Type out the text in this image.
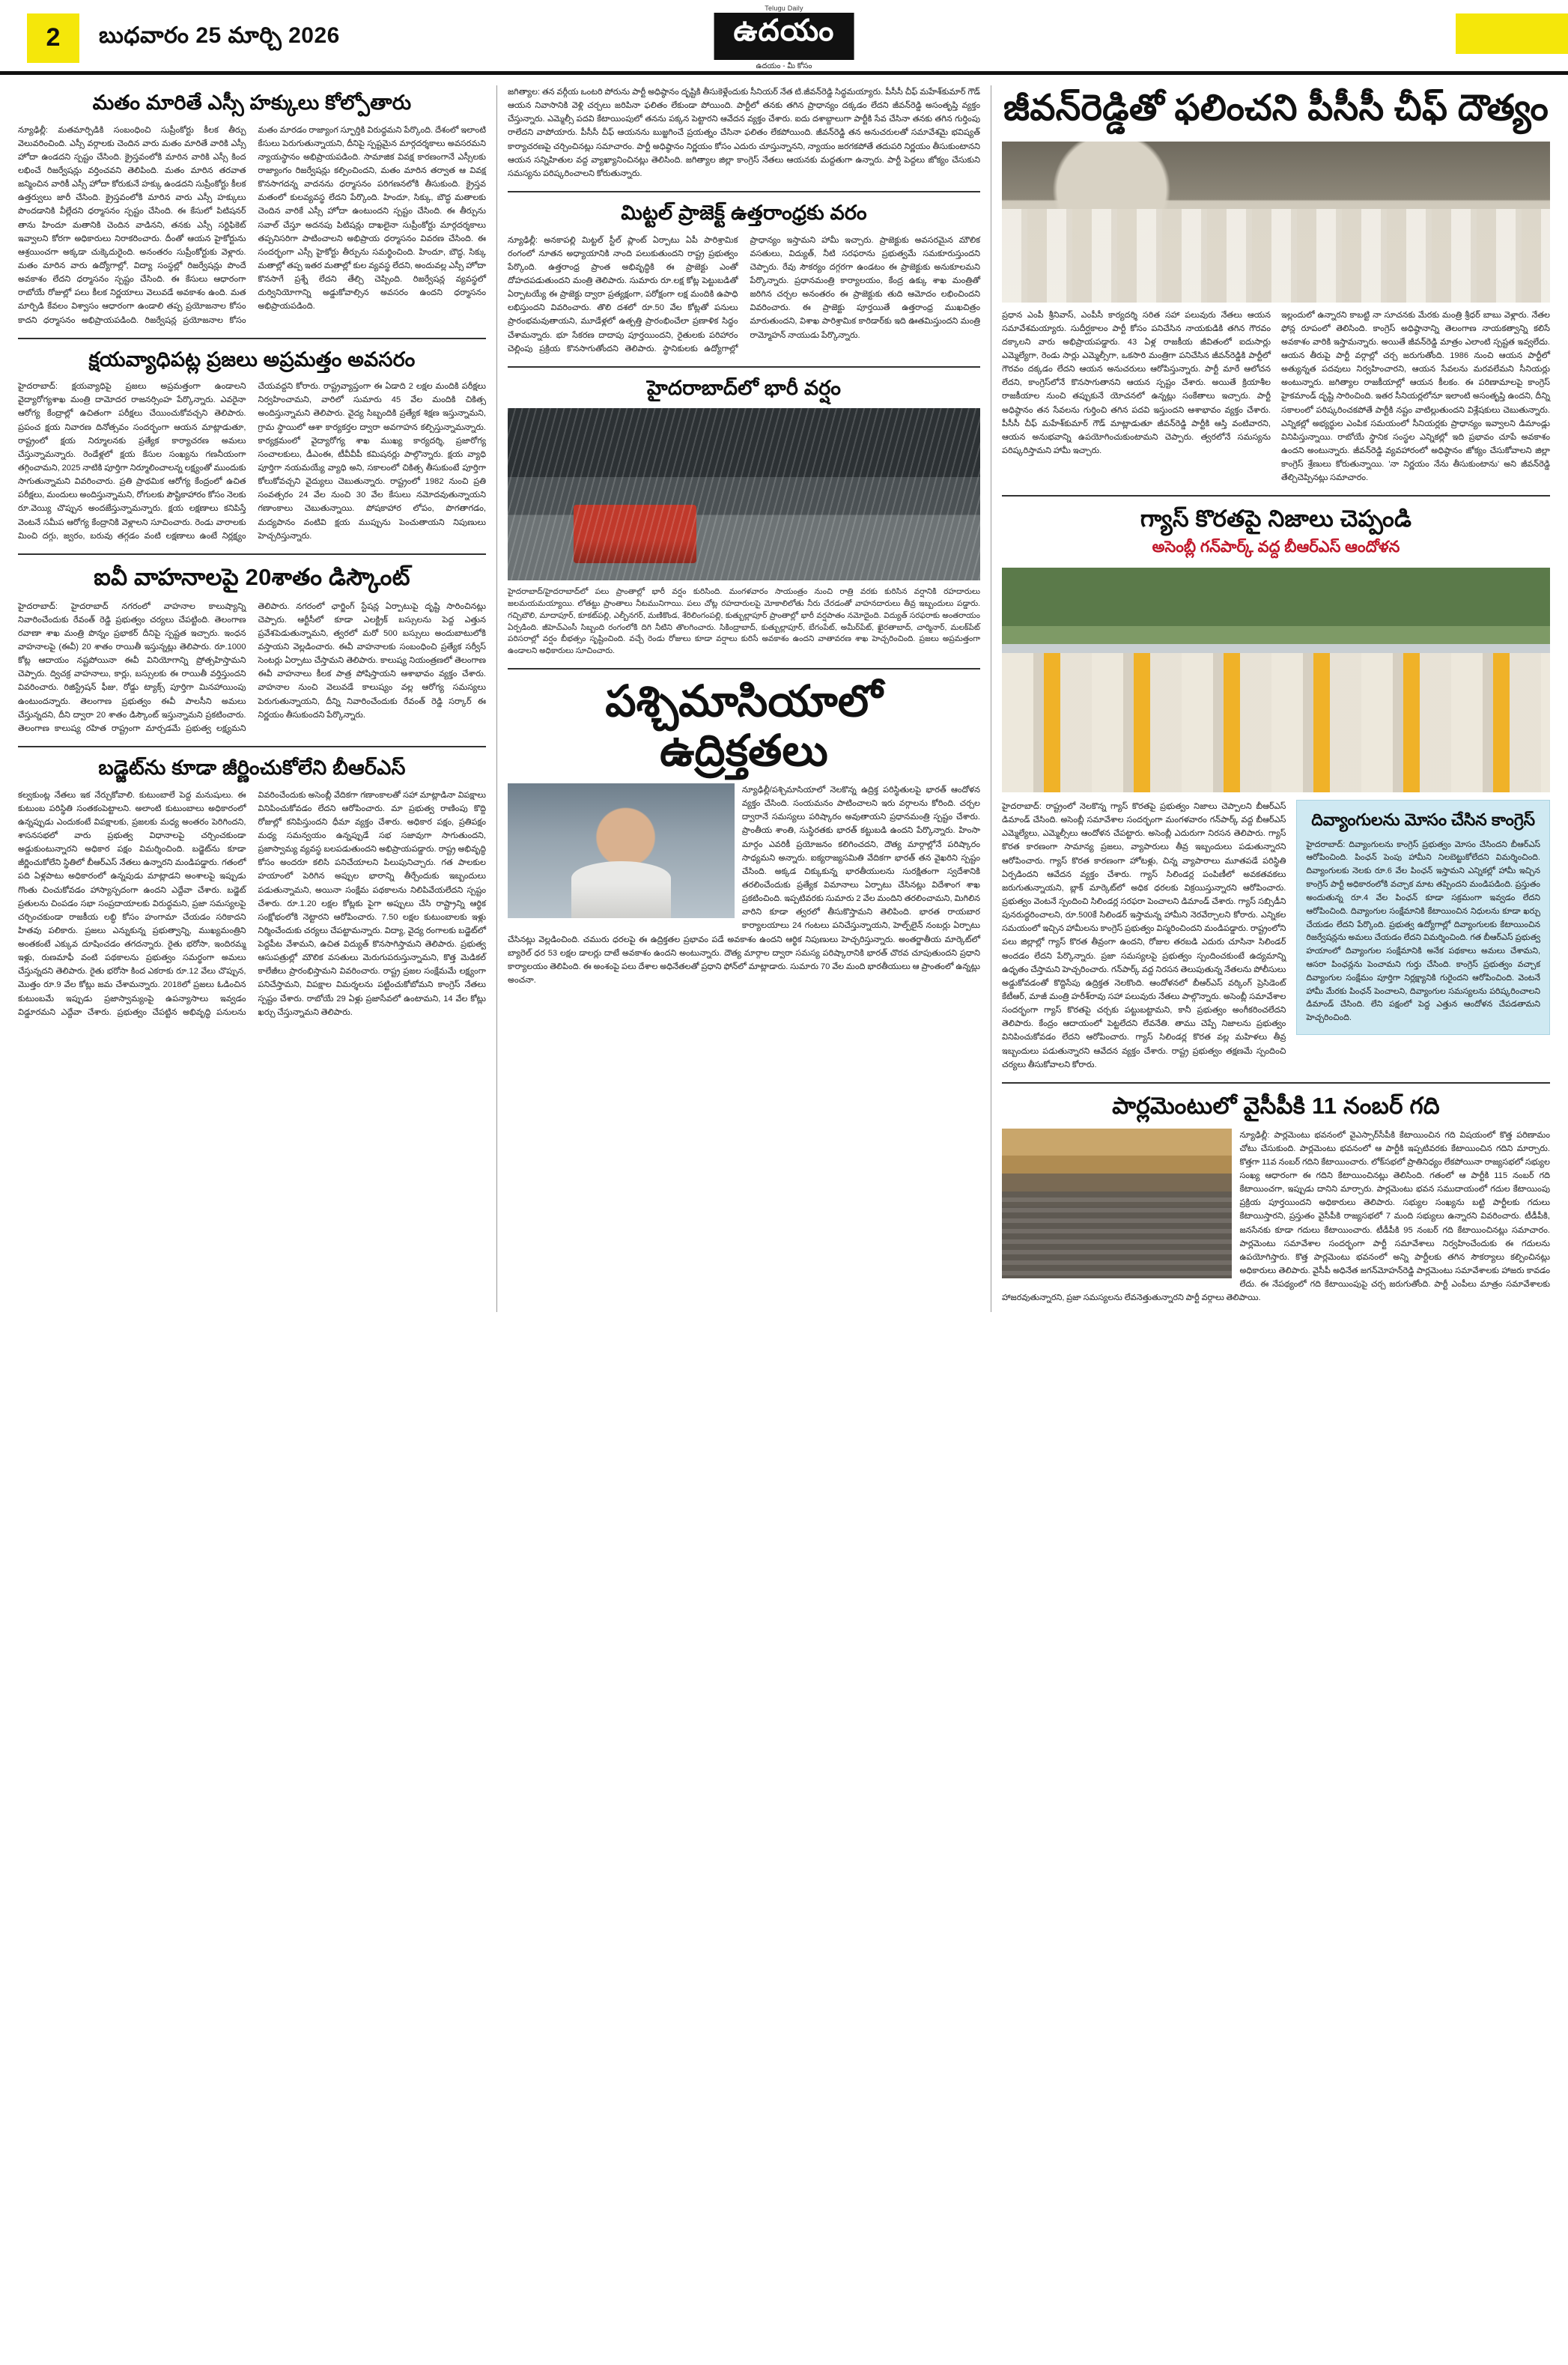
2 బుధవారం 25 మార్చి 2026
Telugu Daily
ఉదయం
ఉదయం - మీ కోసం
మతం మారితే ఎస్సీ హక్కులు కోల్పోతారు
న్యూఢిల్లీ: మతమార్పిడికి సంబంధించి సుప్రీంకోర్టు కీలక తీర్పు వెలువరించింది. ఎస్సీ వర్గాలకు చెందిన వారు మతం మారితే వారికి ఎస్సీ హోదా ఉండదని స్పష్టం చేసింది. క్రైస్తవంలోకి మారిన వారికి ఎస్సీ కింద లభించే రిజర్వేషన్లు వర్తించవని తెలిపింది. మతం మారిన తరవాత జన్మించిన వారికీ ఎస్సీ హోదా కోరుకునే హక్కు ఉండదని సుప్రీంకోర్టు కీలక ఉత్తర్వులు జారీ చేసింది. క్రైస్తవంలోకి మారిన వారు ఎస్సీ హక్కులు పొందడానికి వీల్లేదని ధర్మాసనం స్పష్టం చేసింది. ఈ కేసులో పిటిషనర్ తాను హిందూ మతానికి చెందిన వాడినని, తనకు ఎస్సీ సర్టిఫికెట్ ఇవ్వాలని కోరగా అధికారులు నిరాకరించారు. దీంతో ఆయన హైకోర్టును ఆశ్రయించగా అక్కడా చుక్కెదురైంది. అనంతరం సుప్రీంకోర్టుకు వెళ్లారు. మతం మారిన వారు ఉద్యోగాల్లో, విద్యా సంస్థల్లో రిజర్వేషన్లు పొందే అవకాశం లేదని ధర్మాసనం స్పష్టం చేసింది. ఈ కేసులు ఆధారంగా రాబోయే రోజుల్లో పలు కీలక నిర్ణయాలు వెలువడే అవకాశం ఉంది. మత మార్పిడి కేవలం విశ్వాసం ఆధారంగా ఉండాలి తప్ప ప్రయోజనాల కోసం కాదని ధర్మాసనం అభిప్రాయపడింది. రిజర్వేషన్ల ప్రయోజనాల కోసం మతం మారడం రాజ్యాంగ స్ఫూర్తికి విరుద్ధమని పేర్కొంది. దేశంలో ఇలాంటి కేసులు పెరుగుతున్నాయని, దీనిపై స్పష్టమైన మార్గదర్శకాలు అవసరమని న్యాయస్థానం అభిప్రాయపడింది. సామాజిక వివక్ష కారణంగానే ఎస్సీలకు రాజ్యాంగం రిజర్వేషన్లు కల్పించిందని, మతం మారిన తర్వాత ఆ వివక్ష కొనసాగదన్న వాదనను ధర్మాసనం పరిగణనలోకి తీసుకుంది. క్రైస్తవ మతంలో కులవ్యవస్థ లేదని పేర్కొంది. హిందూ, సిక్కు, బౌద్ధ మతాలకు చెందిన వారికే ఎస్సీ హోదా ఉంటుందని స్పష్టం చేసింది. ఈ తీర్పును సవాల్ చేస్తూ అదనపు పిటిషన్లు దాఖలైనా సుప్రీంకోర్టు మార్గదర్శకాలు తప్పనిసరిగా పాటించాలని అభిప్రాయ ధర్మాసనం వివరణ చేసింది. ఈ సందర్భంగా ఎస్సీ హైకోర్టు తీర్పును సమర్థించింది. హిందూ, బౌద్ధ, సిక్కు మతాల్లో తప్ప ఇతర మతాల్లో కుల వ్యవస్థ లేదని, అందువల్ల ఎస్సీ హోదా కొనసాగే ప్రశ్నే లేదని తేల్చి చెప్పింది. రిజర్వేషన్ల వ్యవస్థలో దుర్వినియోగాన్ని అడ్డుకోవాల్సిన అవసరం ఉందని ధర్మాసనం అభిప్రాయపడింది.
క్షయవ్యాధిపట్ల ప్రజలు అప్రమత్తం అవసరం
హైదరాబాద్: క్షయవ్యాధిపై ప్రజలు అప్రమత్తంగా ఉండాలని వైద్యారోగ్యశాఖ మంత్రి దామోదర రాజనర్సింహ పేర్కొన్నారు. ఎవరైనా ఆరోగ్య కేంద్రాల్లో ఉచితంగా పరీక్షలు చేయించుకోవచ్చని తెలిపారు. ప్రపంచ క్షయ నివారణ దినోత్సవం సందర్భంగా ఆయన మాట్లాడుతూ, రాష్ట్రంలో క్షయ నిర్మూలనకు ప్రత్యేక కార్యాచరణ అమలు చేస్తున్నామన్నారు. రెండేళ్లలో క్షయ కేసుల సంఖ్యను గణనీయంగా తగ్గించామని, 2025 నాటికి పూర్తిగా నిర్మూలించాలన్న లక్ష్యంతో ముందుకు సాగుతున్నామని వివరించారు. ప్రతి ప్రాథమిక ఆరోగ్య కేంద్రంలో ఉచిత పరీక్షలు, మందులు అందిస్తున్నామని, రోగులకు పౌష్టికాహారం కోసం నెలకు రూ.వెయ్యి చొప్పున అందజేస్తున్నామన్నారు. క్షయ లక్షణాలు కనిపిస్తే వెంటనే సమీప ఆరోగ్య కేంద్రానికి వెళ్లాలని సూచించారు. రెండు వారాలకు మించి దగ్గు, జ్వరం, బరువు తగ్గడం వంటి లక్షణాలు ఉంటే నిర్లక్ష్యం చేయవద్దని కోరారు. రాష్ట్రవ్యాప్తంగా ఈ ఏడాది 2 లక్షల మందికి పరీక్షలు నిర్వహించామని, వారిలో సుమారు 45 వేల మందికి చికిత్స అందిస్తున్నామని తెలిపారు. వైద్య సిబ్బందికి ప్రత్యేక శిక్షణ ఇస్తున్నామని, గ్రామ స్థాయిలో ఆశా కార్యకర్తల ద్వారా అవగాహన కల్పిస్తున్నామన్నారు. కార్యక్రమంలో వైద్యారోగ్య శాఖ ముఖ్య కార్యదర్శి, ప్రజారోగ్య సంచాలకులు, డీఎంఈ, టీవీవీపీ కమిషనర్లు పాల్గొన్నారు. క్షయ వ్యాధి పూర్తిగా నయమయ్యే వ్యాధి అని, సకాలంలో చికిత్స తీసుకుంటే పూర్తిగా కోలుకోవచ్చని వైద్యులు చెబుతున్నారు. రాష్ట్రంలో 1982 నుంచి ప్రతి సంవత్సరం 24 వేల నుంచి 30 వేల కేసులు నమోదవుతున్నాయని గణాంకాలు చెబుతున్నాయి. పోషకాహార లోపం, పొగతాగడం, మద్యపానం వంటివి క్షయ ముప్పును పెంచుతాయని నిపుణులు హెచ్చరిస్తున్నారు.
ఐవీ వాహనాలపై 20శాతం డిస్కౌంట్
హైదరాబాద్: హైదరాబాద్ నగరంలో వాహనాల కాలుష్యాన్ని నివారించేందుకు రేవంత్ రెడ్డి ప్రభుత్వం చర్యలు చేపట్టింది. తెలంగాణ రవాణా శాఖ మంత్రి పొన్నం ప్రభాకర్ దీనిపై స్పష్టత ఇచ్చారు. ఇంధన వాహనాలపై (ఈవీ) 20 శాతం రాయితీ ఇస్తున్నట్లు తెలిపారు. రూ.1000 కోట్ల ఆదాయం నష్టపోయినా ఈవీ వినియోగాన్ని ప్రోత్సహిస్తామని చెప్పారు. ద్విచక్ర వాహనాలు, కార్లు, బస్సులకు ఈ రాయితీ వర్తిస్తుందని వివరించారు. రిజిస్ట్రేషన్ ఫీజు, రోడ్డు ట్యాక్స్ పూర్తిగా మినహాయింపు ఉంటుందన్నారు. తెలంగాణ ప్రభుత్వం ఈవీ పాలసీని అమలు చేస్తున్నదని, దీని ద్వారా 20 శాతం డిస్కౌంట్ ఇస్తున్నామని ప్రకటించారు. తెలంగాణ కాలుష్య రహిత రాష్ట్రంగా మార్చడమే ప్రభుత్వ లక్ష్యమని తెలిపారు. నగరంలో ఛార్జింగ్ స్టేషన్ల ఏర్పాటుపై దృష్టి సారించినట్లు చెప్పారు. ఆర్టీసీలో కూడా ఎలక్ట్రిక్ బస్సులను పెద్ద ఎత్తున ప్రవేశపెడుతున్నామని, త్వరలో మరో 500 బస్సులు అందుబాటులోకి వస్తాయని వెల్లడించారు. ఈవీ వాహనాలకు సంబంధించి ప్రత్యేక సర్వీస్ సెంటర్లు ఏర్పాటు చేస్తామని తెలిపారు. కాలుష్య నియంత్రణలో తెలంగాణ ఈవీ వాహనాలు కీలక పాత్ర పోషిస్తాయని ఆశాభావం వ్యక్తం చేశారు. వాహనాల నుంచి వెలువడే కాలుష్యం వల్ల ఆరోగ్య సమస్యలు పెరుగుతున్నాయని, దీన్ని నివారించేందుకు రేవంత్ రెడ్డి సర్కార్ ఈ నిర్ణయం తీసుకుందని పేర్కొన్నారు.
బడ్జెట్‌ను కూడా జీర్ణించుకోలేని బీఆర్ఎస్
కల్వకుంట్ల నేతలు ఇక నేర్చుకోవాలి. కుటుంబాలే పెద్ద మనుషులు. ఈ కుటుంబ పరిస్థితి సంతకంపెట్టాలని. అలాంటి కుటుంబాలు అధికారంలో ఉన్నప్పుడు ఎందుకంటే విపక్షాలకు, ప్రజలకు మధ్య అంతరం పెరిగిందని, శాసనసభలో వారు ప్రభుత్వ విధానాలపై చర్చించకుండా అడ్డుకుంటున్నారని అధికార పక్షం విమర్శించింది. బడ్జెట్‌ను కూడా జీర్ణించుకోలేని స్థితిలో బీఆర్ఎస్ నేతలు ఉన్నారని మండిపడ్డారు. గతంలో పది ఏళ్లపాటు అధికారంలో ఉన్నపుడు మాట్లాడని అంశాలపై ఇప్పుడు గొంతు చించుకోవడం హాస్యాస్పదంగా ఉందని ఎద్దేవా చేశారు. బడ్జెట్ ప్రతులను చింపడం సభా సంప్రదాయాలకు విరుద్ధమని, ప్రజా సమస్యలపై చర్చించకుండా రాజకీయ లబ్ధి కోసం హంగామా చేయడం సరికాదని హితవు పలికారు. ప్రజలు ఎన్నుకున్న ప్రభుత్వాన్ని, ముఖ్యమంత్రిని అంతకంటే ఎక్కువ దూషించడం తగదన్నారు. రైతు భరోసా, ఇందిరమ్మ ఇళ్లు, రుణమాఫీ వంటి పథకాలను ప్రభుత్వం సమర్థంగా అమలు చేస్తున్నదని తెలిపారు. రైతు భరోసా కింద ఎకరాకు రూ.12 వేలు చొప్పున, మొత్తం రూ.9 వేల కోట్లు జమ చేశామన్నారు. 2018లో ప్రజలు ఓడించిన కుటుంబమే ఇప్పుడు ప్రజాస్వామ్యంపై ఉపన్యాసాలు ఇవ్వడం విడ్డూరమని ఎద్దేవా చేశారు. ప్రభుత్వం చేపట్టిన అభివృద్ధి పనులను వివరించేందుకు అసెంబ్లీ వేదికగా గణాంకాలతో సహా మాట్లాడినా విపక్షాలు వినిపించుకోవడం లేదని ఆరోపించారు. మా ప్రభుత్వ రాణింపు కొద్ది రోజుల్లో కనిపిస్తుందని ధీమా వ్యక్తం చేశారు. అధికార పక్షం, ప్రతిపక్షం మధ్య సమన్వయం ఉన్నప్పుడే సభ సజావుగా సాగుతుందని, ప్రజాస్వామ్య వ్యవస్థ బలపడుతుందని అభిప్రాయపడ్డారు. రాష్ట్ర అభివృద్ధి కోసం అందరూ కలిసి పనిచేయాలని పిలుపునిచ్చారు. గత పాలకుల హయాంలో పెరిగిన అప్పుల భారాన్ని తీర్చేందుకు ఇబ్బందులు పడుతున్నామని, అయినా సంక్షేమ పథకాలను నిలిపివేయలేదని స్పష్టం చేశారు. రూ.1.20 లక్షల కోట్లకు పైగా అప్పులు చేసి రాష్ట్రాన్ని ఆర్థిక సంక్షోభంలోకి నెట్టారని ఆరోపించారు. 7.50 లక్షల కుటుంబాలకు ఇళ్లు నిర్మించేందుకు చర్యలు చేపట్టామన్నారు. విద్యా, వైద్య రంగాలకు బడ్జెట్‌లో పెద్దపీట వేశామని, ఉచిత విద్యుత్ కొనసాగిస్తామని తెలిపారు. ప్రభుత్వ ఆసుపత్రుల్లో మౌలిక వసతులు మెరుగుపరుస్తున్నామని, కొత్త మెడికల్ కాలేజీలు ప్రారంభిస్తామని వివరించారు. రాష్ట్ర ప్రజల సంక్షేమమే లక్ష్యంగా పనిచేస్తామని, విపక్షాల విమర్శలను పట్టించుకోబోమని కాంగ్రెస్ నేతలు స్పష్టం చేశారు. రాబోయే 29 ఏళ్లు ప్రజాసేవలో ఉంటామని, 14 వేల కోట్లు ఖర్చు చేస్తున్నామని తెలిపారు.
జగిత్యాల: తన వర్గీయ ఒంటరి పోరును పార్టీ అధిష్ఠానం దృష్టికి తీసుకెళ్లేందుకు సీనియర్ నేత టి.జీవన్‌రెడ్డి సిద్ధమయ్యారు. పీసీసీ చీఫ్ మహేశ్‌కుమార్ గౌడ్ ఆయన నివాసానికి వెళ్లి చర్చలు జరిపినా ఫలితం లేకుండా పోయింది. పార్టీలో తనకు తగిన ప్రాధాన్యం దక్కడం లేదని జీవన్‌రెడ్డి అసంతృప్తి వ్యక్తం చేస్తున్నారు. ఎమ్మెల్సీ పదవి కేటాయింపులో తనను పక్కన పెట్టారని ఆవేదన వ్యక్తం చేశారు. ఐదు దశాబ్దాలుగా పార్టీకి సేవ చేసినా తనకు తగిన గుర్తింపు రాలేదని వాపోయారు. పీసీసీ చీఫ్ ఆయనను బుజ్జగించే ప్రయత్నం చేసినా ఫలితం లేకపోయింది. జీవన్‌రెడ్డి తన అనుచరులతో సమావేశమై భవిష్యత్ కార్యాచరణపై చర్చించినట్లు సమాచారం. పార్టీ అధిష్ఠానం నిర్ణయం కోసం ఎదురు చూస్తున్నానని, న్యాయం జరగకపోతే తదుపరి నిర్ణయం తీసుకుంటానని ఆయన సన్నిహితుల వద్ద వ్యాఖ్యానించినట్లు తెలిసింది. జగిత్యాల జిల్లా కాంగ్రెస్ నేతలు ఆయనకు మద్దతుగా ఉన్నారు. పార్టీ పెద్దలు జోక్యం చేసుకుని సమస్యను పరిష్కరించాలని కోరుతున్నారు.
మిట్టల్ ప్రాజెక్ట్ ఉత్తరాంధ్రకు వరం
న్యూఢిల్లీ: అనకాపల్లి మిట్టల్ స్టీల్ ప్లాంట్ ఏర్పాటు ఏపీ పారిశ్రామిక రంగంలో నూతన అధ్యాయానికి నాంది పలుకుతుందని రాష్ట్ర ప్రభుత్వం పేర్కొంది. ఉత్తరాంధ్ర ప్రాంత అభివృద్ధికి ఈ ప్రాజెక్టు ఎంతో దోహదపడుతుందని మంత్రి తెలిపారు. సుమారు రూ.లక్ష కోట్ల పెట్టుబడితో ఏర్పాటయ్యే ఈ ప్రాజెక్టు ద్వారా ప్రత్యక్షంగా, పరోక్షంగా లక్ష మందికి ఉపాధి లభిస్తుందని వివరించారు. తొలి దశలో రూ.50 వేల కోట్లతో పనులు ప్రారంభమవుతాయని, మూడేళ్లలో ఉత్పత్తి ప్రారంభించేలా ప్రణాళిక సిద్ధం చేశామన్నారు. భూ సేకరణ దాదాపు పూర్తయిందని, రైతులకు పరిహారం చెల్లింపు ప్రక్రియ కొనసాగుతోందని తెలిపారు. స్థానికులకు ఉద్యోగాల్లో ప్రాధాన్యం ఇస్తామని హామీ ఇచ్చారు. ప్రాజెక్టుకు అవసరమైన మౌలిక వసతులు, విద్యుత్, నీటి సరఫరాను ప్రభుత్వమే సమకూరుస్తుందని చెప్పారు. రేవు సౌకర్యం దగ్గరగా ఉండటం ఈ ప్రాజెక్టుకు అనుకూలమని పేర్కొన్నారు. ప్రధానమంత్రి కార్యాలయం, కేంద్ర ఉక్కు శాఖ మంత్రితో జరిగిన చర్చల అనంతరం ఈ ప్రాజెక్టుకు తుది ఆమోదం లభించిందని వివరించారు. ఈ ప్రాజెక్టు పూర్తయితే ఉత్తరాంధ్ర ముఖచిత్రం మారుతుందని, విశాఖ పారిశ్రామిక కారిడార్‌కు ఇది ఊతమిస్తుందని మంత్రి రామ్మోహన్ నాయుడు పేర్కొన్నారు.
హైదరాబాద్‌లో భారీ వర్షం
హైదరాబాద్/హైదరాబాద్‌లో పలు ప్రాంతాల్లో భారీ వర్షం కురిసింది. మంగళవారం సాయంత్రం నుంచి రాత్రి వరకు కురిసిన వర్షానికి రహదారులు జలమయమయ్యాయి. లోతట్టు ప్రాంతాలు నీటమునిగాయి. పలు చోట్ల రహదారులపై మోకాలిలోతు నీరు చేరడంతో వాహనదారులు తీవ్ర ఇబ్బందులు పడ్డారు. గచ్చిబౌలి, మాదాపూర్, కూకట్‌పల్లి, ఎల్బీనగర్, మణికొండ, శేరిలింగంపల్లి, కుత్బుల్లాపూర్ ప్రాంతాల్లో భారీ వర్షపాతం నమోదైంది. విద్యుత్ సరఫరాకు అంతరాయం ఏర్పడింది. జీహెచ్ఎంసీ సిబ్బంది రంగంలోకి దిగి నీటిని తొలగించారు. సికింద్రాబాద్, కుత్బుల్లాపూర్, బేగంపేట్, అమీర్‌పేట్, ఖైరతాబాద్, చార్మినార్, మలక్‌పేట్ పరిసరాల్లో వర్షం బీభత్సం సృష్టించింది. వచ్చే రెండు రోజులు కూడా వర్షాలు కురిసే అవకాశం ఉందని వాతావరణ శాఖ హెచ్చరించింది. ప్రజలు అప్రమత్తంగా ఉండాలని అధికారులు సూచించారు.
పశ్చిమాసియాలో
ఉద్రిక్తతలు
న్యూఢిల్లీ/పశ్చిమాసియాలో నెలకొన్న ఉద్రిక్త పరిస్థితులపై భారత్ ఆందోళన వ్యక్తం చేసింది. సంయమనం పాటించాలని ఇరు వర్గాలను కోరింది. చర్చల ద్వారానే సమస్యలు పరిష్కారం అవుతాయని ప్రధానమంత్రి స్పష్టం చేశారు. ప్రాంతీయ శాంతి, సుస్థిరతకు భారత్ కట్టుబడి ఉందని పేర్కొన్నారు. హింసా మార్గం ఎవరికీ ప్రయోజనం కలిగించదని, దౌత్య మార్గాల్లోనే పరిష్కారం సాధ్యమని అన్నారు. ఐక్యరాజ్యసమితి వేదికగా భారత్ తన వైఖరిని స్పష్టం చేసింది. అక్కడ చిక్కుకున్న భారతీయులను సురక్షితంగా స్వదేశానికి తరలించేందుకు ప్రత్యేక విమానాలు ఏర్పాటు చేసినట్లు విదేశాంగ శాఖ ప్రకటించింది. ఇప్పటివరకు సుమారు 2 వేల మందిని తరలించామని, మిగిలిన వారిని కూడా త్వరలో తీసుకొస్తామని తెలిపింది. భారత రాయబార కార్యాలయాలు 24 గంటలు పనిచేస్తున్నాయని, హెల్ప్‌లైన్ నంబర్లు ఏర్పాటు చేసినట్లు వెల్లడించింది. చమురు ధరలపై ఈ ఉద్రిక్తతల ప్రభావం పడే అవకాశం ఉందని ఆర్థిక నిపుణులు హెచ్చరిస్తున్నారు. అంతర్జాతీయ మార్కెట్‌లో బ్యారెల్ ధర 53 లక్షల డాలర్లు దాటే అవకాశం ఉందని అంటున్నారు. దౌత్య మార్గాల ద్వారా సమస్య పరిష్కారానికి భారత్ చొరవ చూపుతుందని ప్రధాని కార్యాలయం తెలిపింది. ఈ అంశంపై పలు దేశాల అధినేతలతో ప్రధాని ఫోన్‌లో మాట్లాడారు. సుమారు 70 వేల మంది భారతీయులు ఆ ప్రాంతంలో ఉన్నట్లు అంచనా.
జీవన్‌రెడ్డితో ఫలించని పీసీసీ చీఫ్ దౌత్యం
ప్రధాన ఎంపీ శ్రీనివాస్, ఎంపీసీ కార్యదర్శి సరిత సహా పలువురు నేతలు ఆయన సమావేశమయ్యారు. సుదీర్ఘకాలం పార్టీ కోసం పనిచేసిన నాయకుడికి తగిన గౌరవం దక్కాలని వారు అభిప్రాయపడ్డారు. 43 ఏళ్ల రాజకీయ జీవితంలో ఐదుసార్లు ఎమ్మెల్యేగా, రెండు సార్లు ఎమ్మెల్సీగా, ఒకసారి మంత్రిగా పనిచేసిన జీవన్‌రెడ్డికి పార్టీలో గౌరవం దక్కడం లేదని ఆయన అనుచరులు ఆరోపిస్తున్నారు. పార్టీ మారే ఆలోచన లేదని, కాంగ్రెస్‌లోనే కొనసాగుతానని ఆయన స్పష్టం చేశారు. అయితే క్రియాశీల రాజకీయాల నుంచి తప్పుకునే యోచనలో ఉన్నట్లు సంకేతాలు ఇచ్చారు. పార్టీ అధిష్ఠానం తన సేవలను గుర్తించి తగిన పదవి ఇస్తుందని ఆశాభావం వ్యక్తం చేశారు. పీసీసీ చీఫ్ మహేశ్‌కుమార్ గౌడ్ మాట్లాడుతూ జీవన్‌రెడ్డి పార్టీకి ఆస్తి వంటివారని, ఆయన అనుభవాన్ని ఉపయోగించుకుంటామని చెప్పారు. త్వరలోనే సమస్యను పరిష్కరిస్తామని హామీ ఇచ్చారు.
ఇల్లందులో ఉన్నారని కాబట్టి నా సూచనకు మేరకు మంత్రి శ్రీధర్ బాబు వెళ్లారు. నేతల ఫోన్ల రూపంలో తెలిసింది. కాంగ్రెస్ అధిష్ఠానాన్ని తెలంగాణ నాయకత్వాన్ని కలిసే అవకాశం వారికి ఇస్తామన్నారు. అయితే జీవన్‌రెడ్డి మాత్రం ఎలాంటి స్పష్టత ఇవ్వలేదు. ఆయన తీరుపై పార్టీ వర్గాల్లో చర్చ జరుగుతోంది. 1986 నుంచి ఆయన పార్టీలో అత్యున్నత పదవులు నిర్వహించారని, ఆయన సేవలను మరవలేమని సీనియర్లు అంటున్నారు. జగిత్యాల రాజకీయాల్లో ఆయన కీలకం. ఈ పరిణామాలపై కాంగ్రెస్ హైకమాండ్ దృష్టి సారించింది. ఇతర సీనియర్లలోనూ ఇలాంటి అసంతృప్తి ఉందని, దీన్ని సకాలంలో పరిష్కరించకపోతే పార్టీకి నష్టం వాటిల్లుతుందని విశ్లేషకులు చెబుతున్నారు. ఎన్నికల్లో అభ్యర్థుల ఎంపిక సమయంలో సీనియర్లకు ప్రాధాన్యం ఇవ్వాలని డిమాండ్లు వినిపిస్తున్నాయి. రాబోయే స్థానిక సంస్థల ఎన్నికల్లో ఇది ప్రభావం చూపే అవకాశం ఉందని అంటున్నారు. జీవన్‌రెడ్డి వ్యవహారంలో అధిష్ఠానం జోక్యం చేసుకోవాలని జిల్లా కాంగ్రెస్ శ్రేణులు కోరుతున్నాయి. 'నా నిర్ణయం నేను తీసుకుంటాను' అని జీవన్‌రెడ్డి తేల్చిచెప్పినట్లు సమాచారం.
గ్యాస్ కొరతపై నిజాలు చెప్పండి
అసెంబ్లీ గన్‌పార్క్ వద్ద బీఆర్ఎస్ ఆందోళన
హైదరాబాద్: రాష్ట్రంలో నెలకొన్న గ్యాస్ కొరతపై ప్రభుత్వం నిజాలు చెప్పాలని బీఆర్ఎస్ డిమాండ్ చేసింది. అసెంబ్లీ సమావేశాల సందర్భంగా మంగళవారం గన్‌పార్క్ వద్ద బీఆర్ఎస్ ఎమ్మెల్యేలు, ఎమ్మెల్సీలు ఆందోళన చేపట్టారు. అసెంబ్లీ ఎదురుగా నిరసన తెలిపారు. గ్యాస్ కొరత కారణంగా సామాన్య ప్రజలు, వ్యాపారులు తీవ్ర ఇబ్బందులు పడుతున్నారని ఆరోపించారు. గ్యాస్ కొరత కారణంగా హోటళ్లు, చిన్న వ్యాపారాలు మూతపడే పరిస్థితి ఏర్పడిందని ఆవేదన వ్యక్తం చేశారు. గ్యాస్ సిలిండర్ల పంపిణీలో అవకతవకలు జరుగుతున్నాయని, బ్లాక్ మార్కెట్‌లో అధిక ధరలకు విక్రయిస్తున్నారని ఆరోపించారు. ప్రభుత్వం వెంటనే స్పందించి సిలిండర్ల సరఫరా పెంచాలని డిమాండ్ చేశారు. గ్యాస్ సబ్సిడీని పునరుద్ధరించాలని, రూ.500కే సిలిండర్ ఇస్తామన్న హామీని నెరవేర్చాలని కోరారు. ఎన్నికల సమయంలో ఇచ్చిన హామీలను కాంగ్రెస్ ప్రభుత్వం విస్మరించిందని మండిపడ్డారు. రాష్ట్రంలోని పలు జిల్లాల్లో గ్యాస్ కొరత తీవ్రంగా ఉందని, రోజుల తరబడి ఎదురు చూసినా సిలిండర్ అందడం లేదని పేర్కొన్నారు. ప్రజా సమస్యలపై ప్రభుత్వం స్పందించకుంటే ఉద్యమాన్ని ఉధృతం చేస్తామని హెచ్చరించారు. గన్‌పార్క్ వద్ద నిరసన తెలుపుతున్న నేతలను పోలీసులు అడ్డుకోవడంతో కొద్దిసేపు ఉద్రిక్తత నెలకొంది. ఆందోళనలో బీఆర్ఎస్ వర్కింగ్ ప్రెసిడెంట్ కేటీఆర్, మాజీ మంత్రి హరీశ్‌రావు సహా పలువురు నేతలు పాల్గొన్నారు. అసెంబ్లీ సమావేశాల సందర్భంగా గ్యాస్ కొరతపై చర్చకు పట్టుబట్టామని, కానీ ప్రభుత్వం అంగీకరించలేదని తెలిపారు. కేంద్రం ఆదాయంలో పెట్టలేదని లేవనేతి. తాము చెప్పే నిజాలను ప్రభుత్వం వినిపించుకోవడం లేదని ఆరోపించారు. గ్యాస్ సిలిండర్ల కొరత వల్ల మహిళలు తీవ్ర ఇబ్బందులు పడుతున్నారని ఆవేదన వ్యక్తం చేశారు. రాష్ట్ర ప్రభుత్వం తక్షణమే స్పందించి చర్యలు తీసుకోవాలని కోరారు.
దివ్యాంగులను మోసం చేసిన కాంగ్రెస్
హైదరాబాద్: దివ్యాంగులను కాంగ్రెస్ ప్రభుత్వం మోసం చేసిందని బీఆర్ఎస్ ఆరోపించింది. పింఛన్ పెంపు హామీని నిలబెట్టుకోలేదని విమర్శించింది. దివ్యాంగులకు నెలకు రూ.6 వేల పింఛన్ ఇస్తామని ఎన్నికల్లో హామీ ఇచ్చిన కాంగ్రెస్ పార్టీ అధికారంలోకి వచ్చాక మాట తప్పిందని మండిపడింది. ప్రస్తుతం అందుతున్న రూ.4 వేల పింఛన్ కూడా సక్రమంగా ఇవ్వడం లేదని ఆరోపించింది. దివ్యాంగుల సంక్షేమానికి కేటాయించిన నిధులను కూడా ఖర్చు చేయడం లేదని పేర్కొంది. ప్రభుత్వ ఉద్యోగాల్లో దివ్యాంగులకు కేటాయించిన రిజర్వేషన్లను అమలు చేయడం లేదని విమర్శించింది. గత బీఆర్ఎస్ ప్రభుత్వ హయాంలో దివ్యాంగుల సంక్షేమానికి అనేక పథకాలు అమలు చేశామని, ఆసరా పింఛన్లను పెంచామని గుర్తు చేసింది. కాంగ్రెస్ ప్రభుత్వం వచ్చాక దివ్యాంగుల సంక్షేమం పూర్తిగా నిర్లక్ష్యానికి గురైందని ఆరోపించింది. వెంటనే హామీ మేరకు పింఛన్ పెంచాలని, దివ్యాంగుల సమస్యలను పరిష్కరించాలని డిమాండ్ చేసింది. లేని పక్షంలో పెద్ద ఎత్తున ఆందోళన చేపడతామని హెచ్చరించింది.
పార్లమెంటులో వైసీపీకి 11 నంబర్ గది
న్యూఢిల్లీ: పార్లమెంటు భవనంలో వైఎస్సార్‌సీపీకి కేటాయించిన గది విషయంలో కొత్త పరిణామం చోటు చేసుకుంది. పార్లమెంటు భవనంలో ఆ పార్టీకి ఇప్పటివరకు కేటాయించిన గదిని మార్చారు. కొత్తగా 11వ నంబర్ గదిని కేటాయించారు. లోక్‌సభలో ప్రాతినిధ్యం లేకపోయినా రాజ్యసభలో సభ్యుల సంఖ్య ఆధారంగా ఈ గదిని కేటాయించినట్లు తెలిసింది. గతంలో ఆ పార్టీకి 115 నంబర్ గది కేటాయించగా, ఇప్పుడు దానిని మార్చారు. పార్లమెంటు భవన సముదాయంలో గదుల కేటాయింపు ప్రక్రియ పూర్తయిందని అధికారులు తెలిపారు. సభ్యుల సంఖ్యను బట్టి పార్టీలకు గదులు కేటాయిస్తారని, ప్రస్తుతం వైసీపీకి రాజ్యసభలో 7 మంది సభ్యులు ఉన్నారని వివరించారు. టీడీపీకి, జనసేనకు కూడా గదులు కేటాయించారు. టీడీపీకి 95 నంబర్ గది కేటాయించినట్లు సమాచారం. పార్లమెంటు సమావేశాల సందర్భంగా పార్టీ సమావేశాలు నిర్వహించేందుకు ఈ గదులను ఉపయోగిస్తారు. కొత్త పార్లమెంటు భవనంలో అన్ని పార్టీలకు తగిన సౌకర్యాలు కల్పించినట్లు అధికారులు తెలిపారు. వైసీపీ అధినేత జగన్‌మోహన్‌రెడ్డి పార్లమెంటు సమావేశాలకు హాజరు కావడం లేదు. ఈ నేపథ్యంలో గది కేటాయింపుపై చర్చ జరుగుతోంది. పార్టీ ఎంపీలు మాత్రం సమావేశాలకు హాజరవుతున్నారని, ప్రజా సమస్యలను లేవనెత్తుతున్నారని పార్టీ వర్గాలు తెలిపాయి.
